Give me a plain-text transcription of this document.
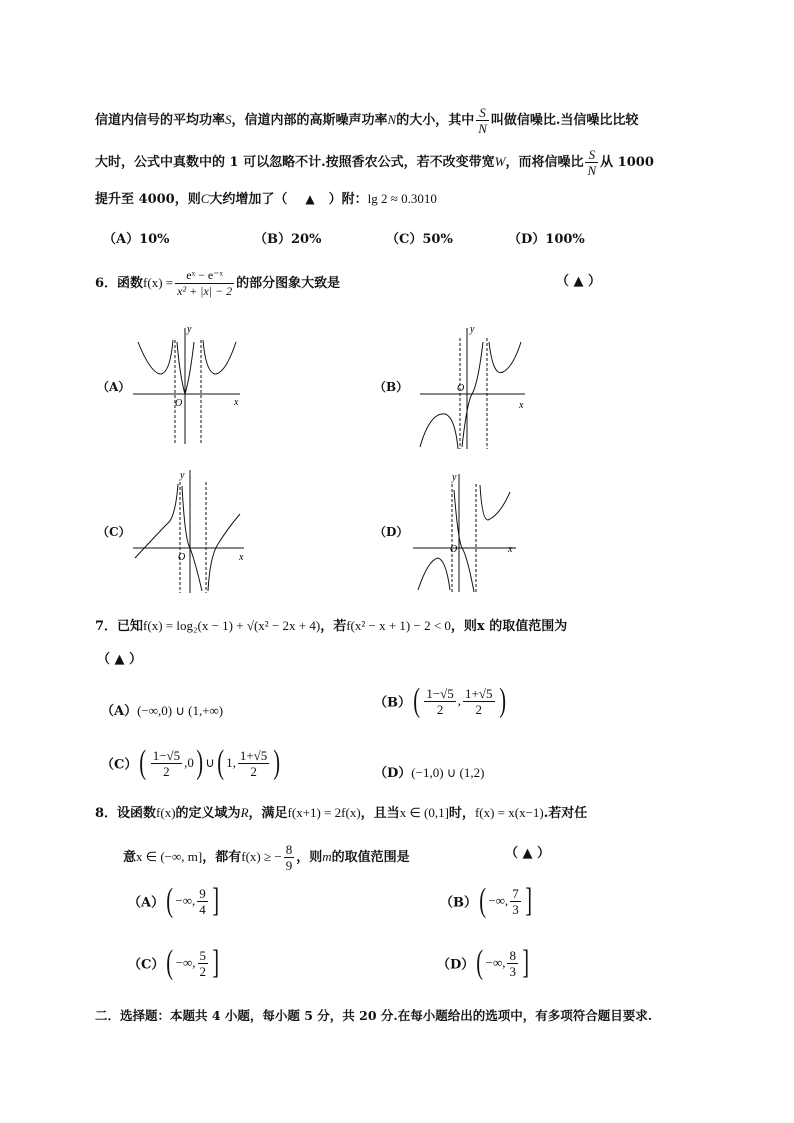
信道内信号的平均功率S，信道内部的高斯噪声功率N的大小，其中 $\frac{S}{N}$ 叫做信噪比.当信噪比比较
大时，公式中真数中的 1 可以忽略不计.按照香农公式，若不改变带宽W，而将信噪比 $\frac{S}{N}$ 从 1000
提升至 4000，则C大约增加了（ ▲ ）附：lg 2 ≈ 0.3010
（A）10%	（B）20%	（C）50%	（D）100%
6．函数$f(x) = \frac{\text{eˣ − e⁻ˣ}}{\text{x² + |x| − 2}}$ 的部分图象大致是	（ ▲ ）
（A）	（B）
（C）	（D）
y
x
O
y
x
O
y
x
O
y
x
O
7．已知f(x) = log₂(x − 1) + √(x² − 2x + 4)，若f(x² − x + 1) − 2 < 0，则x 的取值范围为
（ ▲ ）
（A）(−∞,0) ∪ (1,+∞)	$(B)( \frac{1-√5}{2}$ , $\frac{1+√5}{2}$ )
$(C)( \frac{1-√5}{2} ,0)$ ∪( 1, $\frac{1+√5}{2}$ )	（D）(−1,0) ∪ (1,2)
8．设函数f(x)的定义域为R，满足f(x+1) = 2f(x)，且当x ∈ (0,1]时，f(x) = x(x−1).若对任
意x ∈ (−∞, m]，都有f(x) ≥ − $\frac{8}{9}$ ，则m的取值范围是	（ ▲ ）
（A）( −∞, $\frac{9}{4}$ ]	（B）( −∞, $\frac{7}{3}$ ]
（C）( −∞, $\frac{5}{2}$ ]	（D）( −∞, $\frac{8}{3}$ ]
二．选择题：本题共 4 小题，每小题 5 分，共 20 分.在每小题给出的选项中，有多项符合题目要求.
